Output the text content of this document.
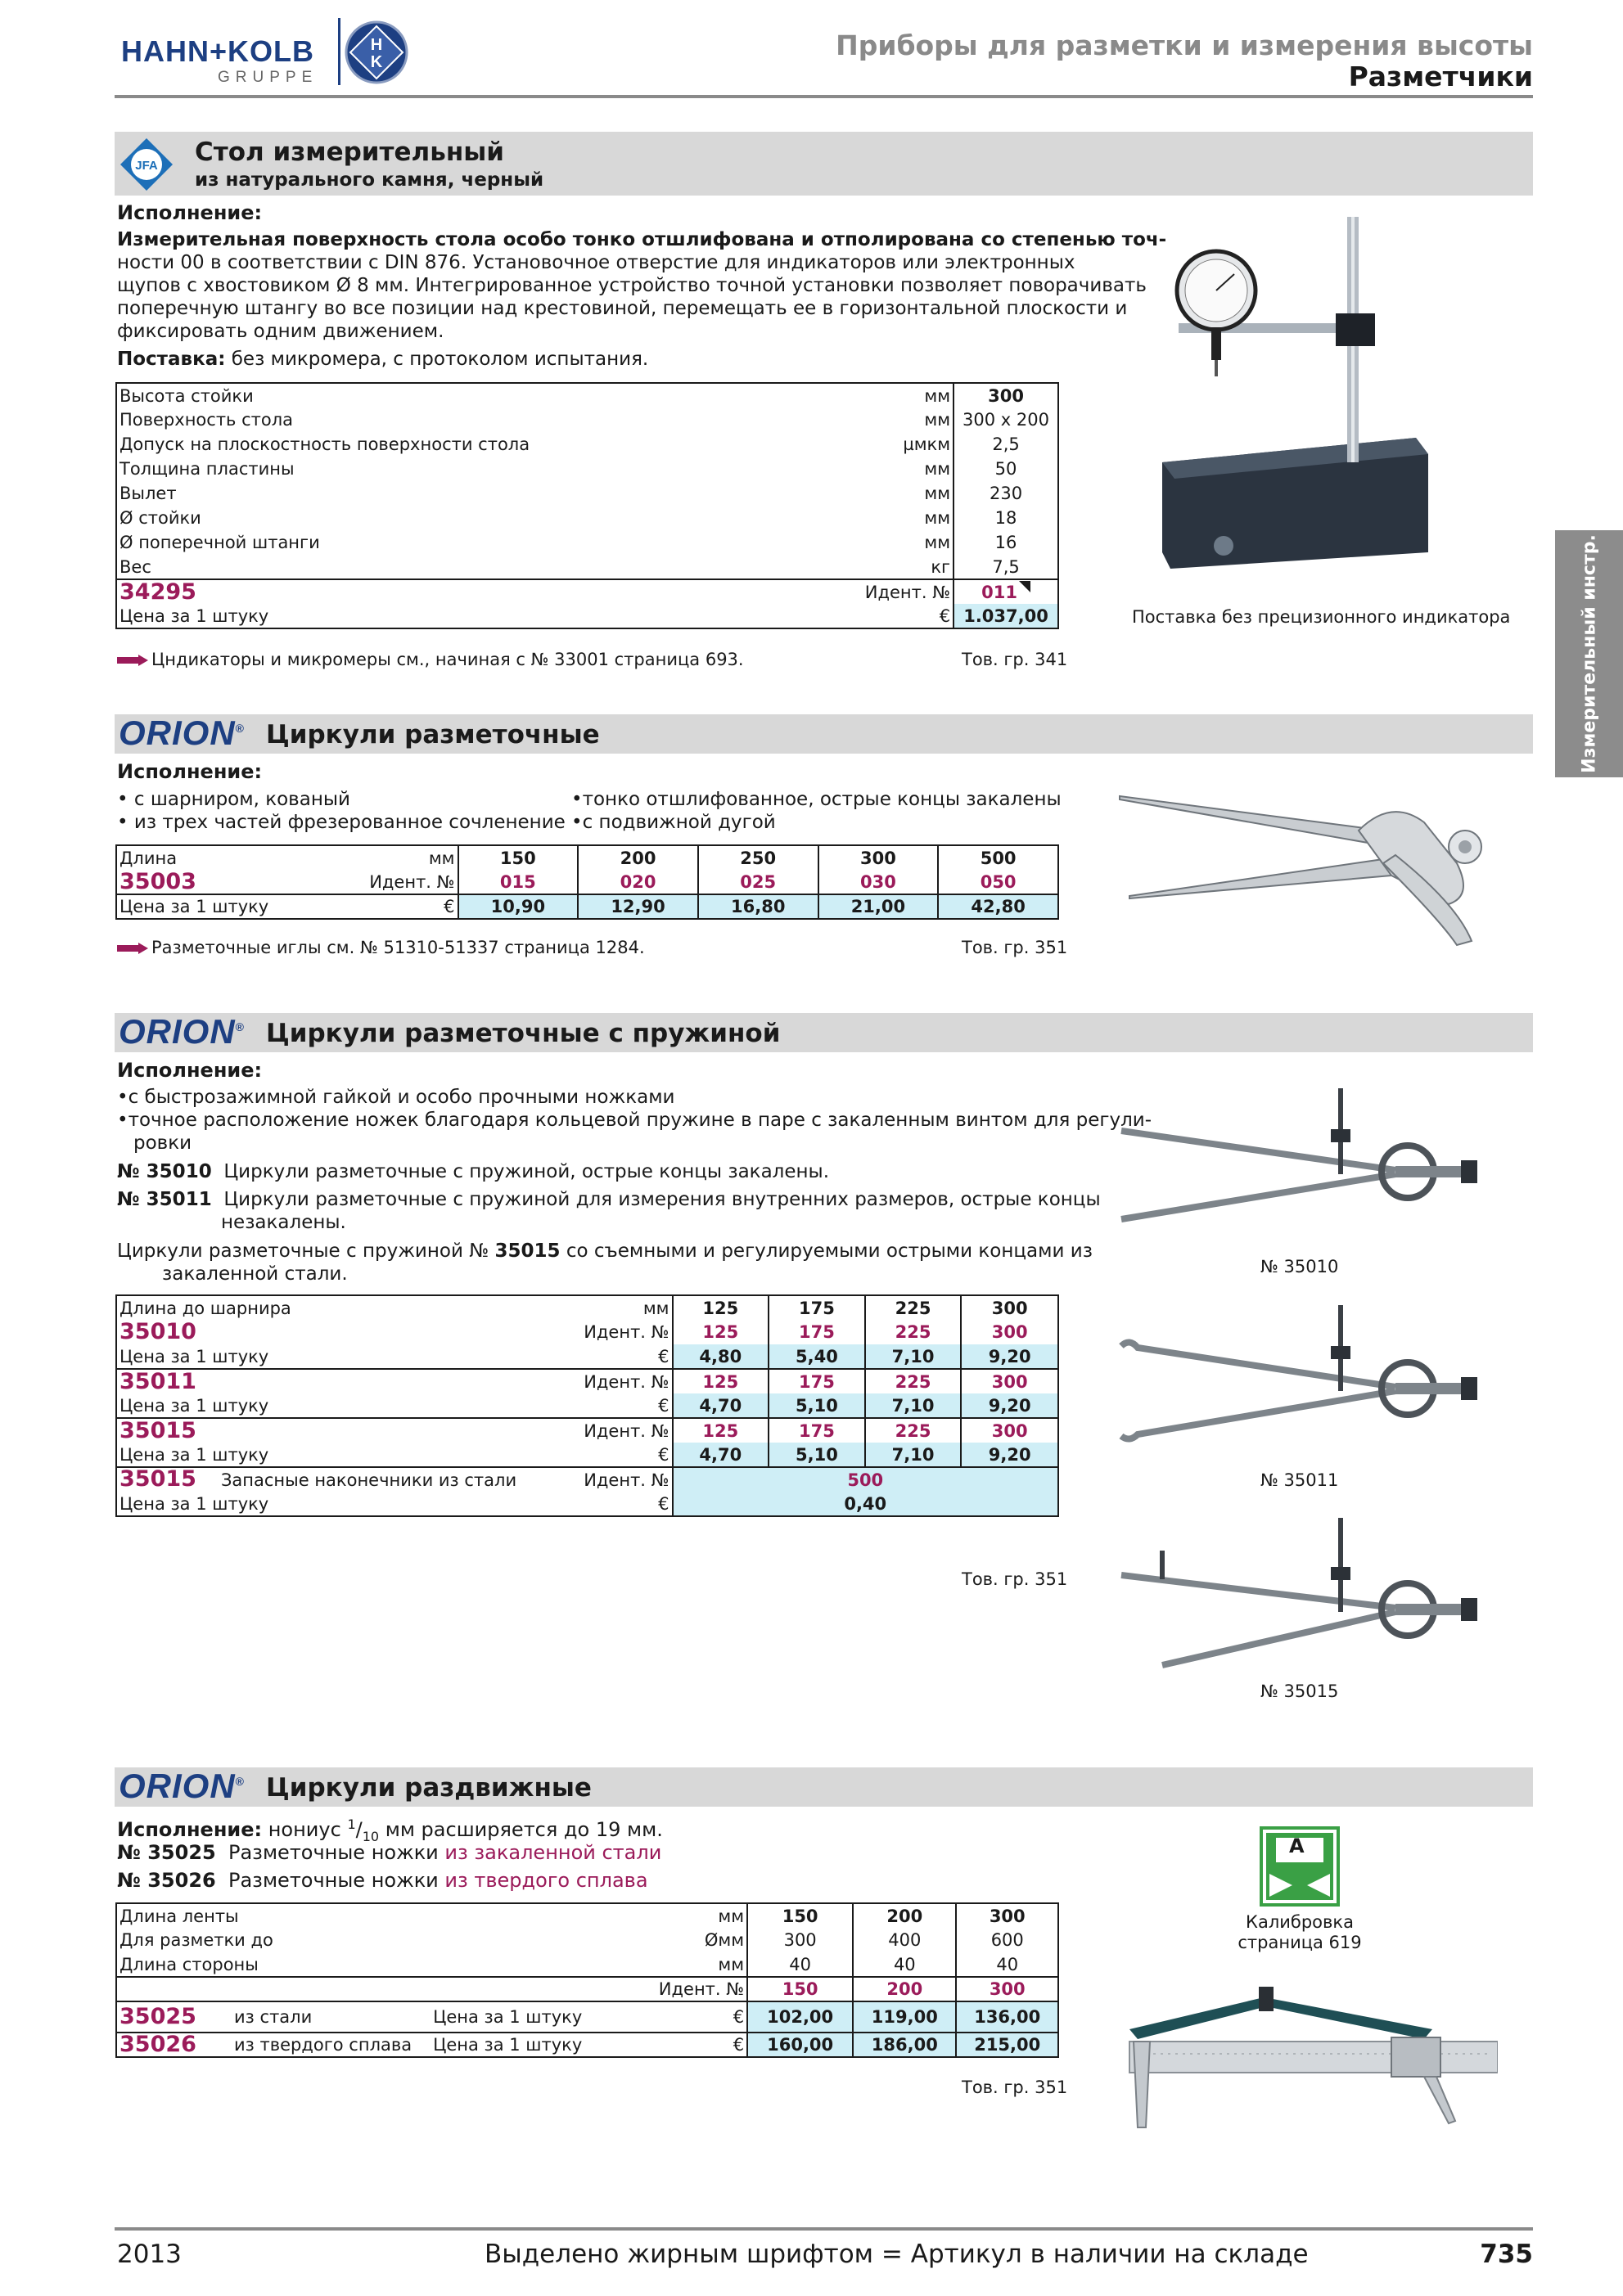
HAHN+KOLB
GRUPPE
H
K
Приборы для разметки и измерения высоты
Разметчики
Измерительный инстр.
JFA Стол измерительный
из натурального камня, черный
Исполнение:
Измерительная поверхность стола особо тонко отшлифована и отполирована со степенью точ-
ности 00 в соответствии с DIN 876. Установочное отверстие для индикаторов или электронных
щупов с хвостовиком Ø 8 мм. Интегрированное устройство точной установки позволяет поворачивать
поперечную штангу во все позиции над крестовиной, перемещать ее в горизонтальной плоскости и
фиксировать одним движением.
Поставка: без микромера, с протоколом испытания.
Высота стойки	мм	300
Поверхность стола	мм	300 x 200
Допуск на плоскостность поверхности стола	µмкм	2,5
Толщина пластины	мм	50
Вылет	мм	230
Ø стойки	мм	18
Ø поперечной штанги	мм	16
Вес	кг	7,5
34295	Идент. №	011
Цена за 1 штуку	€	1.037,00
Цндикаторы и микромеры см., начиная с № 33001 страница 693.	Тов. гр. 341
Поставка без прецизионного индикатора
ORION® Циркули разметочные
Исполнение:
• с шарниром, кованый
• из трех частей фрезерованное сочленение
•тонко отшлифованное, острые концы закалены
•с подвижной дугой
Длина	мм	150	200	250	300	500
35003	Идент. №	015	020	025	030	050
Цена за 1 штуку	€	10,90	12,90	16,80	21,00	42,80
Разметочные иглы см. № 51310-51337 страница 1284.	Тов. гр. 351
ORION® Циркули разметочные с пружиной
Исполнение:
•с быстрозажимной гайкой и особо прочными ножками
•точное расположение ножек благодаря кольцевой пружине в паре с закаленным винтом для регули-
ровки
№ 35010 Циркули разметочные с пружиной, острые концы закалены.
№ 35011 Циркули разметочные с пружиной для измерения внутренних размеров, острые концы
незакалены.
Циркули разметочные с пружиной № 35015 со съемными и регулируемыми острыми концами из
закаленной стали.
Длина до шарнира	мм	125	175	225	300
35010	Идент. №	125	175	225	300
Цена за 1 штуку	€	4,80	5,40	7,10	9,20
35011	Идент. №	125	175	225	300
Цена за 1 штуку	€	4,70	5,10	7,10	9,20
35015	Идент. №	125	175	225	300
Цена за 1 штуку	€	4,70	5,10	7,10	9,20
35015 Запасные наконечники из стали	Идент. №	500			
Цена за 1 штуку	€	0,40			
Тов. гр. 351
№ 35010
№ 35011
№ 35015
ORION® Циркули раздвижные
Исполнение: нониус $^1/_{10}$ мм расширяется до 19 мм.
№ 35025 Разметочные ножки из закаленной стали
№ 35026 Разметочные ножки из твердого сплава
Длина ленты			мм	150	200	300
Для разметки до			Øмм	300	400	600
Длина стороны			мм	40	40	40
Идент. №				150	200	300
35025	из стали	Цена за 1 штуку	€	102,00	119,00	136,00
35026	из твердого сплава	Цена за 1 штуку	€	160,00	186,00	215,00
Тов. гр. 351
A
Калибровка
страница 619
2013	Выделено жирным шрифтом = Артикул в наличии на складе	735
